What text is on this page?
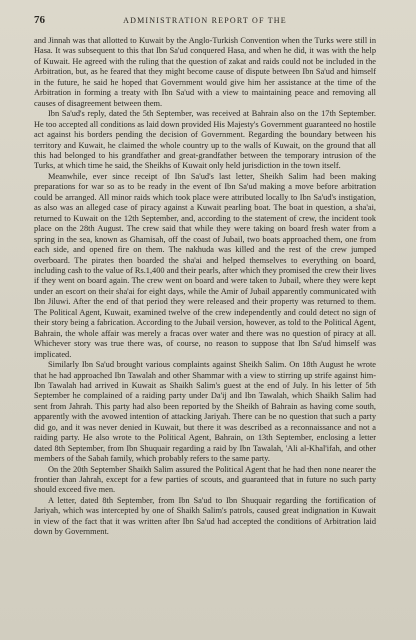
76	ADMINISTRATION REPORT OF THE

and Jinnah was that allotted to Kuwait by the Anglo-Turkish Convention when the Turks were still in Hasa. It was subsequent to this that Ibn Sa'ud conquered Hasa, and when he did, it was with the help of Kuwait. He agreed with the ruling that the question of zakat and raids could not be included in the Arbitration, but, as he feared that they might become cause of dispute between Ibn Sa'ud and himself in the future, he said he hoped that Government would give him her assistance at the time of the Arbitration in forming a treaty with Ibn Sa'ud with a view to maintaining peace and removing all causes of disagreement between them.

Ibn Sa'ud's reply, dated the 5th September, was received at Bahrain also on the 17th September. He too accepted all conditions as laid down provided His Majesty's Government guaranteed no hostile act against his borders pending the decision of Government. Regarding the boundary between his territory and Kuwait, he claimed the whole country up to the walls of Kuwait, on the ground that all this had belonged to his grandfather and great-grandfather between the temporary intrusion of the Turks, at which time he said, the Sheikhs of Kuwait only held jurisdiction in the town itself.

Meanwhile, ever since receipt of Ibn Sa'ud's last letter, Sheikh Salim had been making preparations for war so as to be ready in the event of Ibn Sa'ud making a move before arbitration could be arranged. All minor raids which took place were attributed locally to Ibn Sa'ud's instigation, as also was an alleged case of piracy against a Kuwait pearling boat. The boat in question, a sha'ai, returned to Kuwait on the 12th September, and, according to the statement of crew, the incident took place on the 28th August. The crew said that while they were taking on board fresh water from a spring in the sea, known as Ghamisah, off the coast of Jubail, two boats approached them, one from each side, and opened fire on them. The nakhuda was killed and the rest of the crew jumped overboard. The pirates then boarded the sha'ai and helped themselves to everything on board, including cash to the value of Rs.1,400 and their pearls, after which they promised the crew their lives if they went on board again. The crew went on board and were taken to Jubail, where they were kept under an escort on their sha'ai for eight days, while the Amir of Jubail apparently communicated with Ibn Jiluwi. After the end of that period they were released and their property was returned to them. The Political Agent, Kuwait, examined twelve of the crew independently and could detect no sign of their story being a fabrication. According to the Jubail version, however, as told to the Political Agent, Bahrain, the whole affair was merely a fracas over water and there was no question of piracy at all. Whichever story was true there was, of course, no reason to suppose that Ibn Sa'ud himself was implicated.

Similarly Ibn Sa'ud brought various complaints against Sheikh Salim. On 18th August he wrote that he had approached Ibn Tawalah and other Shammar with a view to stirring up strife against him-Ibn Tawalah had arrived in Kuwait as Shaikh Salim's guest at the end of July. In his letter of 5th September he complained of a raiding party under Da'ij and Ibn Tawalah, which Shaikh Salim had sent from Jahrah. This party had also been reported by the Sheikh of Bahrain as having come south, apparently with the avowed intention of attacking Jariyah. There can be no question that such a party did go, and it was never denied in Kuwait, but there it was described as a reconnaissance and not a raiding party. He also wrote to the Political Agent, Bahrain, on 13th September, enclosing a letter dated 8th September, from Ibn Shuquair regarding a raid by Ibn Tawalah, 'Ali al-Khal'ifah, and other members of the Sabah family, which probably refers to the same party.

On the 20th September Shaikh Salim assured the Political Agent that he had then none nearer the frontier than Jahrah, except for a few parties of scouts, and guaranteed that in future no such party should exceed five men.

A letter, dated 8th September, from Ibn Sa'ud to Ibn Shuquair regarding the fortification of Jariyah, which was intercepted by one of Shaikh Salim's patrols, caused great indignation in Kuwait in view of the fact that it was written after Ibn Sa'ud had accepted the conditions of Arbitration laid down by Government.
